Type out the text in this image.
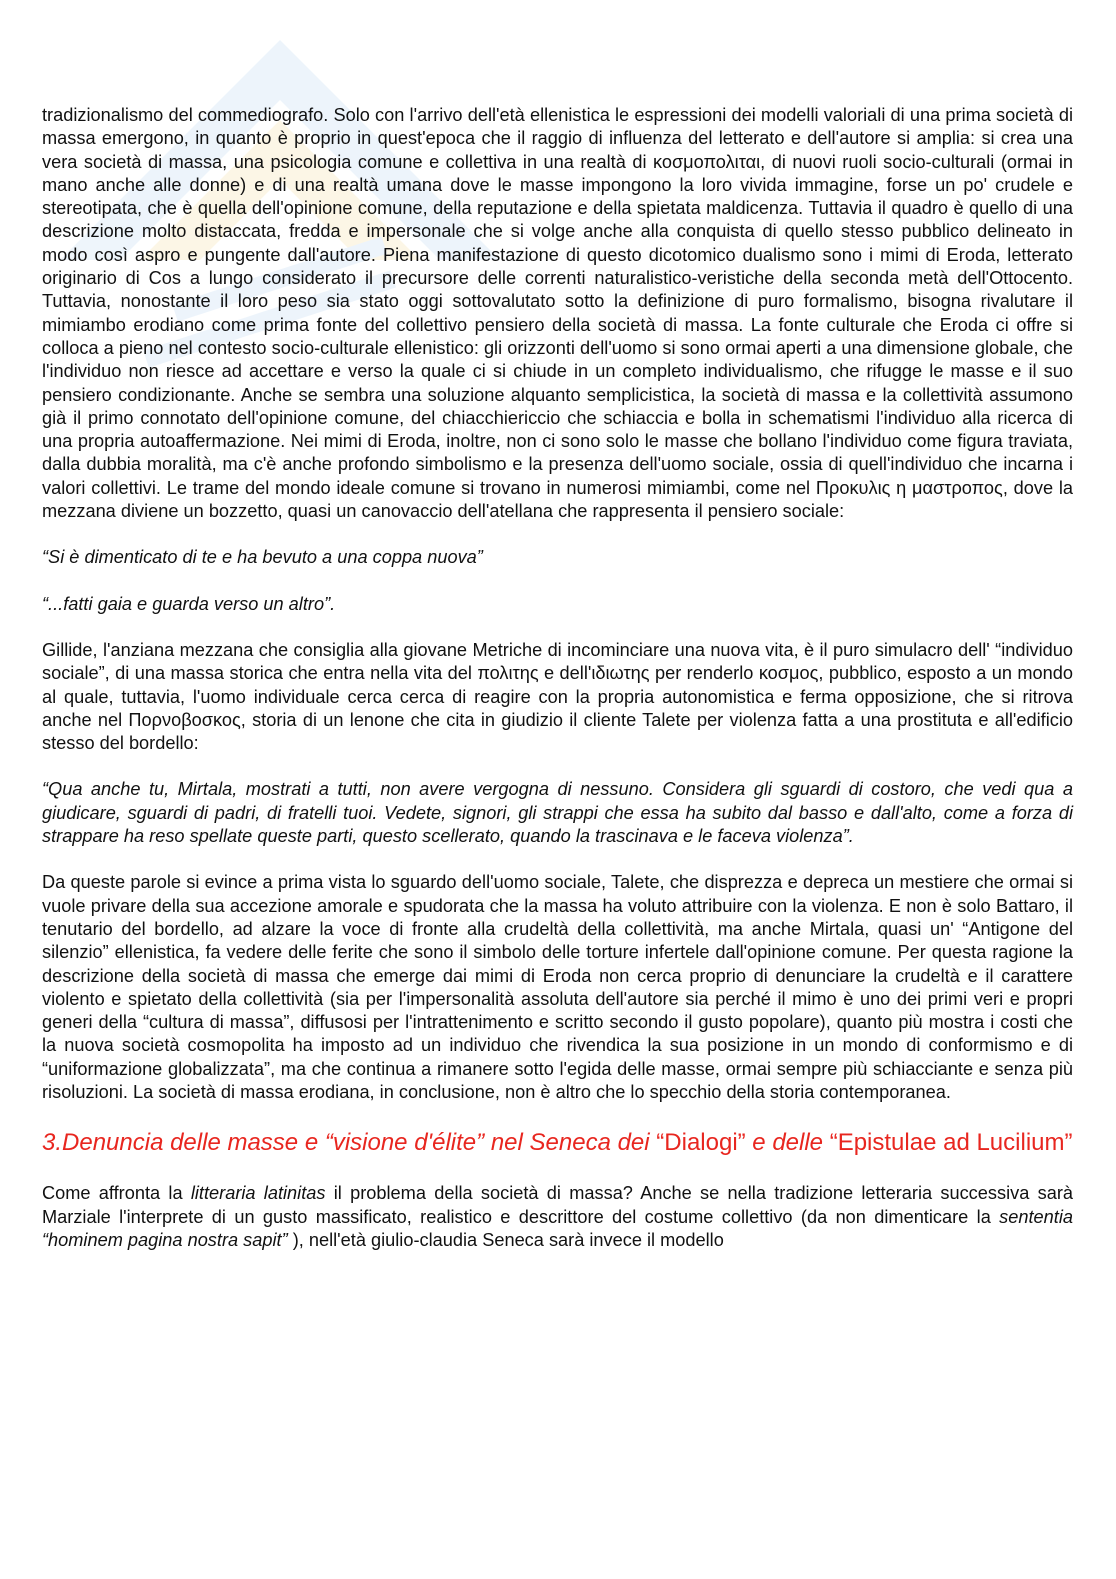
tradizionalismo del commediografo. Solo con l'arrivo dell'età ellenistica le espressioni dei modelli valoriali di una prima società di massa emergono, in quanto è proprio in quest'epoca che il raggio di influenza del letterato e dell'autore si amplia: si crea una vera società di massa, una psicologia comune e collettiva in una realtà di κοσμοπολιται, di nuovi ruoli socio-culturali (ormai in mano anche alle donne) e di una realtà umana dove le masse impongono la loro vivida immagine, forse un po' crudele e stereotipata, che è quella dell'opinione comune, della reputazione e della spietata maldicenza. Tuttavia il quadro è quello di una descrizione molto distaccata, fredda e impersonale che si volge anche alla conquista di quello stesso pubblico delineato in modo così aspro e pungente dall'autore. Piena manifestazione di questo dicotomico dualismo sono i mimi di Eroda, letterato originario di Cos a lungo considerato il precursore delle correnti naturalistico-veristiche della seconda metà dell'Ottocento. Tuttavia, nonostante il loro peso sia stato oggi sottovalutato sotto la definizione di puro formalismo, bisogna rivalutare il mimiambo erodiano come prima fonte del collettivo pensiero della società di massa. La fonte culturale che Eroda ci offre si colloca a pieno nel contesto socio-culturale ellenistico: gli orizzonti dell'uomo si sono ormai aperti a una dimensione globale, che l'individuo non riesce ad accettare e verso la quale ci si chiude in un completo individualismo, che rifugge le masse e il suo pensiero condizionante. Anche se sembra una soluzione alquanto semplicistica, la società di massa e la collettività assumono già il primo connotato dell'opinione comune, del chiacchiericcio che schiaccia e bolla in schematismi l'individuo alla ricerca di una propria autoaffermazione. Nei mimi di Eroda, inoltre, non ci sono solo le masse che bollano l'individuo come figura traviata, dalla dubbia moralità, ma c'è anche profondo simbolismo e la presenza dell'uomo sociale, ossia di quell'individuo che incarna i valori collettivi. Le trame del mondo ideale comune si trovano in numerosi mimiambi, come nel Προκυλις η μαστροπος, dove la mezzana diviene un bozzetto, quasi un canovaccio dell'atellana che rappresenta il pensiero sociale:

“Si è dimenticato di te e ha bevuto a una coppa nuova”

“...fatti gaia e guarda verso un altro”.

Gillide, l'anziana mezzana che consiglia alla giovane Metriche di incominciare una nuova vita, è il puro simulacro dell' “individuo sociale”, di una massa storica che entra nella vita del πολιτης e dell'ιδιωτης per renderlo κοσμος, pubblico, esposto a un mondo al quale, tuttavia, l'uomo individuale cerca cerca di reagire con la propria autonomistica e ferma opposizione, che si ritrova anche nel Πορνοβοσκος, storia di un lenone che cita in giudizio il cliente Talete per violenza fatta a una prostituta e all'edificio stesso del bordello:

“Qua anche tu, Mirtala, mostrati a tutti, non avere vergogna di nessuno. Considera gli sguardi di costoro, che vedi qua a giudicare, sguardi di padri, di fratelli tuoi. Vedete, signori, gli strappi che essa ha subito dal basso e dall'alto, come a forza di strappare ha reso spellate queste parti, questo scellerato, quando la trascinava e le faceva violenza”.

Da queste parole si evince a prima vista lo sguardo dell'uomo sociale, Talete, che disprezza e depreca un mestiere che ormai si vuole privare della sua accezione amorale e spudorata che la massa ha voluto attribuire con la violenza. E non è solo Battaro, il tenutario del bordello, ad alzare la voce di fronte alla crudeltà della collettività, ma anche Mirtala, quasi un' “Antigone del silenzio” ellenistica, fa vedere delle ferite che sono il simbolo delle torture infertele dall'opinione comune. Per questa ragione la descrizione della società di massa che emerge dai mimi di Eroda non cerca proprio di denunciare la crudeltà e il carattere violento e spietato della collettività (sia per l'impersonalità assoluta dell'autore sia perché il mimo è uno dei primi veri e propri generi della “cultura di massa”, diffusosi per l'intrattenimento e scritto secondo il gusto popolare), quanto più mostra i costi che la nuova società cosmopolita ha imposto ad un individuo che rivendica la sua posizione in un mondo di conformismo e di “uniformazione globalizzata”, ma che continua a rimanere sotto l'egida delle masse, ormai sempre più schiacciante e senza più risoluzioni. La società di massa erodiana, in conclusione, non è altro che lo specchio della storia contemporanea.

3.Denuncia delle masse e “visione d'élite” nel Seneca dei “Dialogi” e delle “Epistulae ad Lucilium”

Come affronta la litteraria latinitas il problema della società di massa? Anche se nella tradizione letteraria successiva sarà Marziale l'interprete di un gusto massificato, realistico e descrittore del costume collettivo (da non dimenticare la sententia “hominem pagina nostra sapit” ), nell'età giulio-claudia Seneca sarà invece il modello
